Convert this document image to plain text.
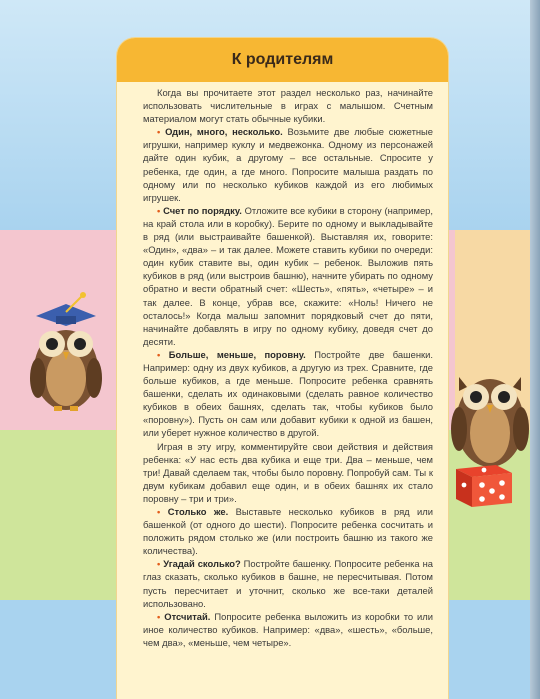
К родителям

Когда вы прочитаете этот раздел несколько раз, начинайте использовать числительные в играх с малышом. Счетным материалом могут стать обычные кубики.

• Один, много, несколько. Возьмите две любые сюжетные игрушки, например куклу и медвежонка. Одному из персонажей дайте один кубик, а другому – все остальные. Спросите у ребенка, где один, а где много. Попросите малыша раздать по одному или по несколько кубиков каждой из его любимых игрушек.

• Счет по порядку. Отложите все кубики в сторону (например, на край стола или в коробку). Берите по одному и выкладывайте в ряд (или выстраивайте башенкой). Выставляя их, говорите: «Один», «два» – и так далее. Можете ставить кубики по очереди: один кубик ставите вы, один кубик – ребенок. Выложив пять кубиков в ряд (или выстроив башню), начните убирать по одному обратно и вести обратный счет: «Шесть», «пять», «четыре» – и так далее. В конце, убрав все, скажите: «Ноль! Ничего не осталось!» Когда малыш запомнит порядковый счет до пяти, начинайте добавлять в игру по одному кубику, доведя счет до десяти.

• Больше, меньше, поровну. Постройте две башенки. Например: одну из двух кубиков, а другую из трех. Сравните, где больше кубиков, а где меньше. Попросите ребенка сравнять башенки, сделать их одинаковыми (сделать равное количество кубиков в обеих башнях, сделать так, чтобы кубиков было «поровну»). Пусть он сам или добавит кубики к одной из башен, или уберет нужное количество в другой.

Играя в эту игру, комментируйте свои действия и действия ребенка: «У нас есть два кубика и еще три. Два – меньше, чем три! Давай сделаем так, чтобы было поровну. Попробуй сам. Ты к двум кубикам добавил еще один, и в обеих башнях их стало поровну – три и три».

• Столько же. Выставьте несколько кубиков в ряд или башенкой (от одного до шести). Попросите ребенка сосчитать и положить рядом столько же (или построить башню из такого же количества).

• Угадай сколько? Постройте башенку. Попросите ребенка на глаз сказать, сколько кубиков в башне, не пересчитывая. Потом пусть пересчитает и уточнит, сколько же все-таки деталей использовано.

• Отсчитай. Попросите ребенка выложить из коробки то или иное количество кубиков. Например: «два», «шесть», «больше, чем два», «меньше, чем четыре».
